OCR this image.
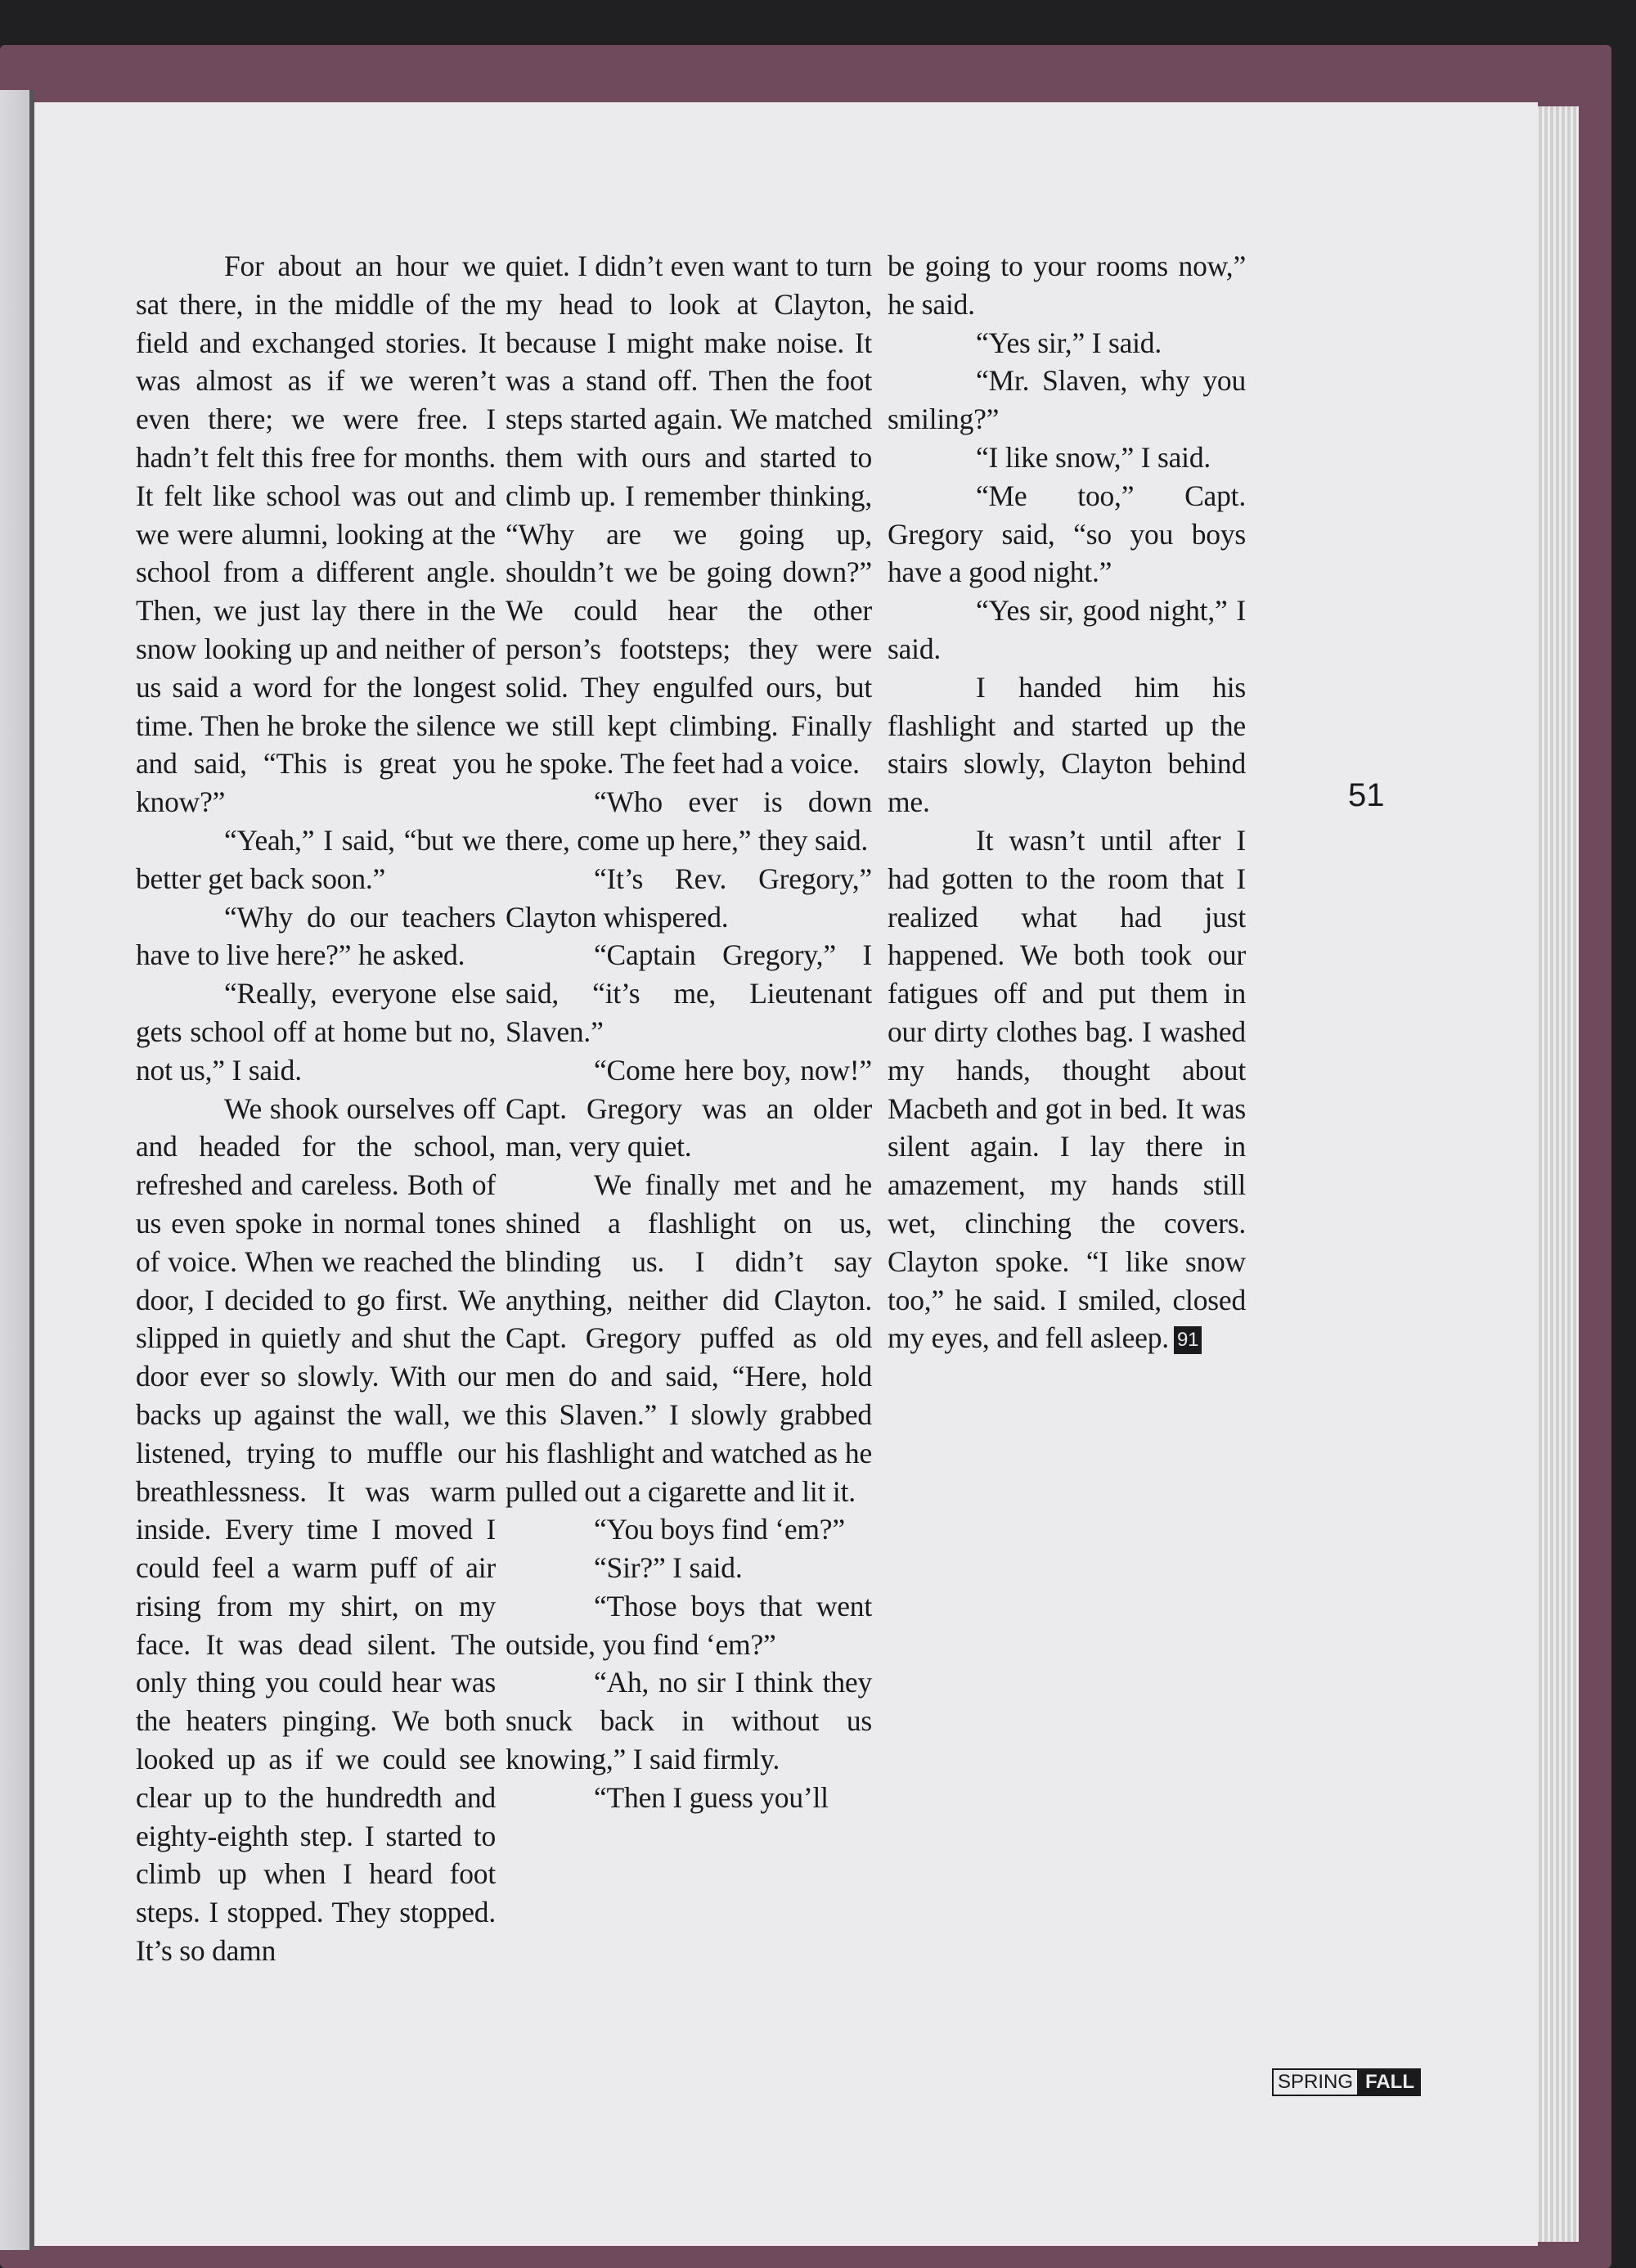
For about an hour we sat there, in the middle of the field and exchanged stories. It was almost as if we weren’t even there; we were free. I hadn’t felt this free for months. It felt like school was out and we were alumni, looking at the school from a different angle. Then, we just lay there in the snow looking up and neither of us said a word for the longest time. Then he broke the silence and said, “This is great you know?”

“Yeah,” I said, “but we better get back soon.”

“Why do our teachers have to live here?” he asked.

“Really, everyone else gets school off at home but no, not us,” I said.

We shook ourselves off and headed for the school, refreshed and careless. Both of us even spoke in normal tones of voice. When we reached the door, I decided to go first. We slipped in quietly and shut the door ever so slowly. With our backs up against the wall, we listened, trying to muffle our breathlessness. It was warm inside. Every time I moved I could feel a warm puff of air rising from my shirt, on my face. It was dead silent. The only thing you could hear was the heaters pinging. We both looked up as if we could see clear up to the hundredth and eighty-eighth step. I started to climb up when I heard foot steps. I stopped. They stopped. It’s so damn

quiet. I didn’t even want to turn my head to look at Clayton, because I might make noise. It was a stand off. Then the foot steps started again. We matched them with ours and started to climb up. I remember thinking, “Why are we going up, shouldn’t we be going down?” We could hear the other person’s footsteps; they were solid. They engulfed ours, but we still kept climbing. Finally he spoke. The feet had a voice.

“Who ever is down there, come up here,” they said.

“It’s Rev. Gregory,” Clayton whispered.

“Captain Gregory,” I said, “it’s me, Lieutenant Slaven.”

“Come here boy, now!” Capt. Gregory was an older man, very quiet.

We finally met and he shined a flashlight on us, blinding us. I didn’t say anything, neither did Clayton. Capt. Gregory puffed as old men do and said, “Here, hold this Slaven.” I slowly grabbed his flashlight and watched as he pulled out a cigarette and lit it.

“You boys find ‘em?”

“Sir?” I said.

“Those boys that went outside, you find ‘em?”

“Ah, no sir I think they snuck back in without us knowing,” I said firmly.

“Then I guess you’ll

be going to your rooms now,” he said.

“Yes sir,” I said.

“Mr. Slaven, why you smiling?”

“I like snow,” I said.

“Me too,” Capt. Gregory said, “so you boys have a good night.”

“Yes sir, good night,” I said.

I handed him his flashlight and started up the stairs slowly, Clayton behind me.

It wasn’t until after I had gotten to the room that I realized what had just happened. We both took our fatigues off and put them in our dirty clothes bag. I washed my hands, thought about Macbeth and got in bed. It was silent again. I lay there in amazement, my hands still wet, clinching the covers. Clayton spoke. “I like snow too,” he said. I smiled, closed my eyes, and fell asleep. 91

51
SPRING FALL
